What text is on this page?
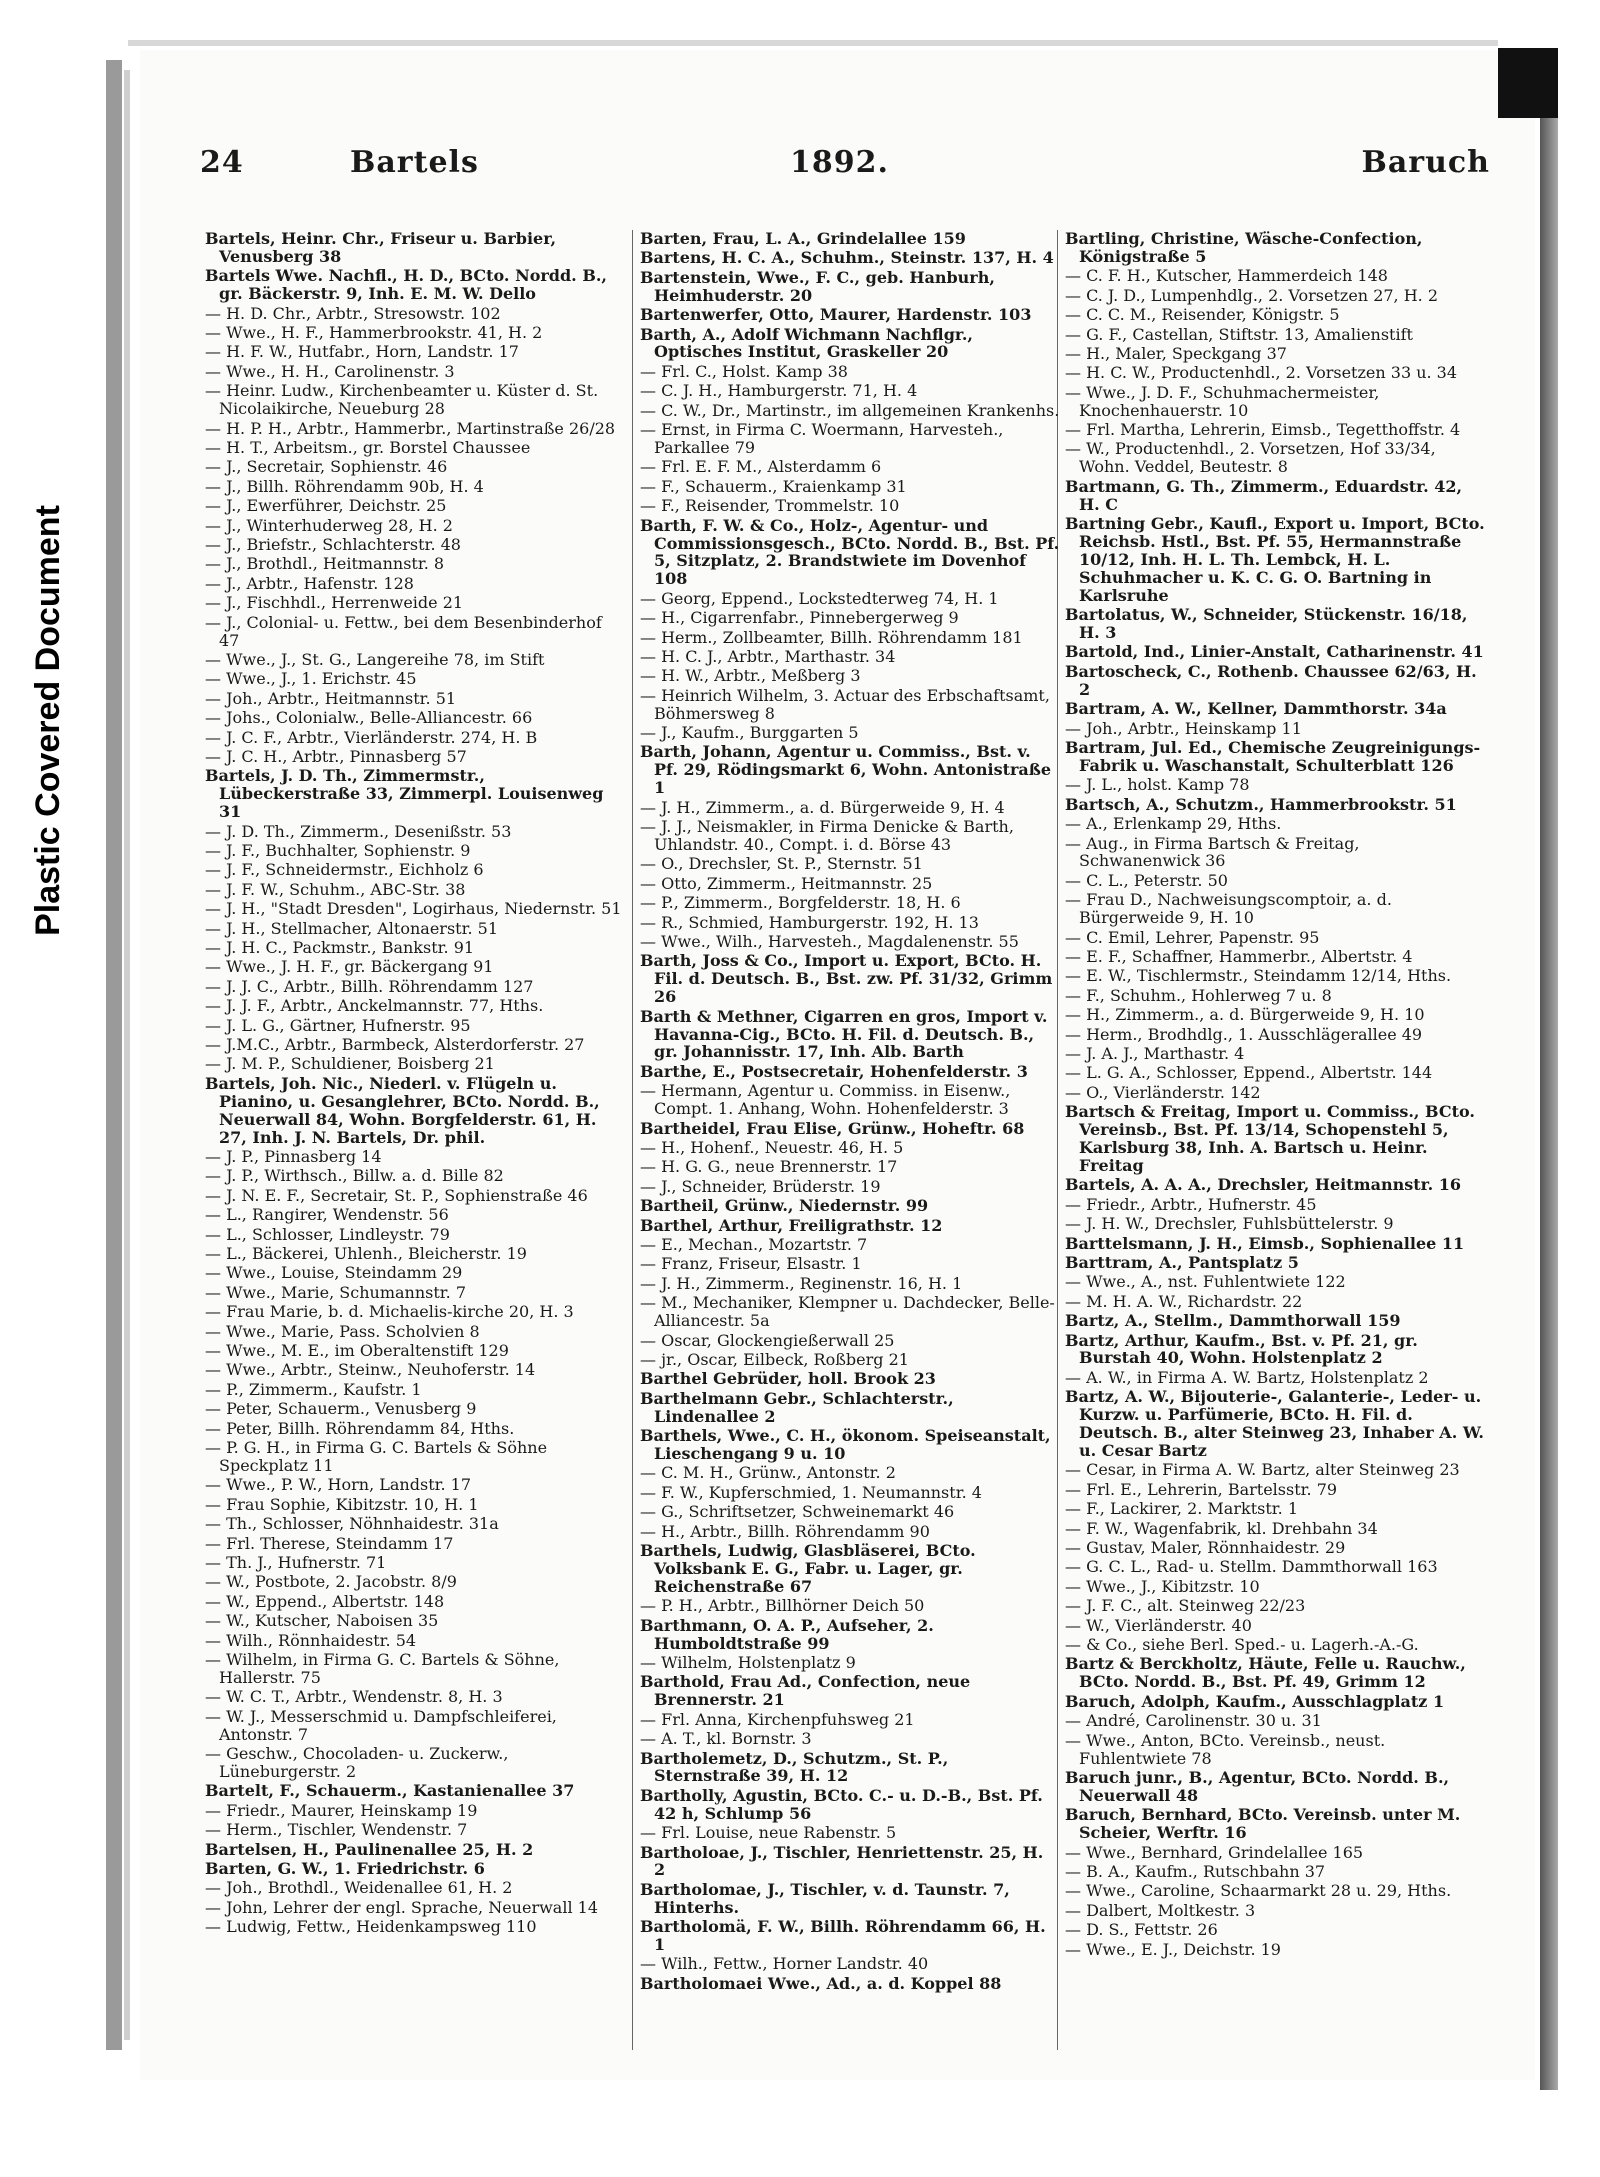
Plastic Covered Document
24	Bartels	1892.	Baruch
Bartels, Heinr. Chr., Friseur u. Barbier, Venusberg 38
Bartels Wwe. Nachfl., H. D., BCto. Nordd. B., gr. Bäckerstr. 9, Inh. E. M. W. Dello
— H. D. Chr., Arbtr., Stresowstr. 102
— Wwe., H. F., Hammerbrookstr. 41, H. 2
— H. F. W., Hutfabr., Horn, Landstr. 17
— Wwe., H. H., Carolinenstr. 3
— Heinr. Ludw., Kirchenbeamter u. Küster d. St. Nicolaikirche, Neueburg 28
— H. P. H., Arbtr., Hammerbr., Martinstraße 26/28
— H. T., Arbeitsm., gr. Borstel Chaussee
— J., Secretair, Sophienstr. 46
— J., Billh. Röhrendamm 90b, H. 4
— J., Ewerführer, Deichstr. 25
— J., Winterhuderweg 28, H. 2
— J., Briefstr., Schlachterstr. 48
— J., Brothdl., Heitmannstr. 8
— J., Arbtr., Hafenstr. 128
— J., Fischhdl., Herrenweide 21
— J., Colonial- u. Fettw., bei dem Besenbinderhof 47
— Wwe., J., St. G., Langereihe 78, im Stift
— Wwe., J., 1. Erichstr. 45
— Joh., Arbtr., Heitmannstr. 51
— Johs., Colonialw., Belle-Alliancestr. 66
— J. C. F., Arbtr., Vierländerstr. 274, H. B
— J. C. H., Arbtr., Pinnasberg 57
Bartels, J. D. Th., Zimmermstr., Lübeckerstraße 33, Zimmerpl. Louisenweg 31
— J. D. Th., Zimmerm., Desenißstr. 53
— J. F., Buchhalter, Sophienstr. 9
— J. F., Schneidermstr., Eichholz 6
— J. F. W., Schuhm., ABC-Str. 38
— J. H., "Stadt Dresden", Logirhaus, Niedernstr. 51
— J. H., Stellmacher, Altonaerstr. 51
— J. H. C., Packmstr., Bankstr. 91
— Wwe., J. H. F., gr. Bäckergang 91
— J. J. C., Arbtr., Billh. Röhrendamm 127
— J. J. F., Arbtr., Anckelmannstr. 77, Hths.
— J. L. G., Gärtner, Hufnerstr. 95
— J.M.C., Arbtr., Barmbeck, Alsterdorferstr. 27
— J. M. P., Schuldiener, Boisberg 21
Bartels, Joh. Nic., Niederl. v. Flügeln u. Pianino, u. Gesanglehrer, BCto. Nordd. B., Neuerwall 84, Wohn. Borgfelderstr. 61, H. 27, Inh. J. N. Bartels, Dr. phil.
— J. P., Pinnasberg 14
— J. P., Wirthsch., Billw. a. d. Bille 82
— J. N. E. F., Secretair, St. P., Sophienstraße 46
— L., Rangirer, Wendenstr. 56
— L., Schlosser, Lindleystr. 79
— L., Bäckerei, Uhlenh., Bleicherstr. 19
— Wwe., Louise, Steindamm 29
— Wwe., Marie, Schumannstr. 7
— Frau Marie, b. d. Michaelis-kirche 20, H. 3
— Wwe., Marie, Pass. Scholvien 8
— Wwe., M. E., im Oberaltenstift 129
— Wwe., Arbtr., Steinw., Neuhoferstr. 14
— P., Zimmerm., Kaufstr. 1
— Peter, Schauerm., Venusberg 9
— Peter, Billh. Röhrendamm 84, Hths.
— P. G. H., in Firma G. C. Bartels & Söhne Speckplatz 11
— Wwe., P. W., Horn, Landstr. 17
— Frau Sophie, Kibitzstr. 10, H. 1
— Th., Schlosser, Nöhnhaidestr. 31a
— Frl. Therese, Steindamm 17
— Th. J., Hufnerstr. 71
— W., Postbote, 2. Jacobstr. 8/9
— W., Eppend., Albertstr. 148
— W., Kutscher, Naboisen 35
— Wilh., Rönnhaidestr. 54
— Wilhelm, in Firma G. C. Bartels & Söhne, Hallerstr. 75
— W. C. T., Arbtr., Wendenstr. 8, H. 3
— W. J., Messerschmid u. Dampfschleiferei, Antonstr. 7
— Geschw., Chocoladen- u. Zuckerw., Lüneburgerstr. 2
Bartelt, F., Schauerm., Kastanienallee 37
— Friedr., Maurer, Heinskamp 19
— Herm., Tischler, Wendenstr. 7
Bartelsen, H., Paulinenallee 25, H. 2
Barten, G. W., 1. Friedrichstr. 6
— Joh., Brothdl., Weidenallee 61, H. 2
— John, Lehrer der engl. Sprache, Neuerwall 14
— Ludwig, Fettw., Heidenkampsweg 110
Barten, Frau, L. A., Grindelallee 159
Bartens, H. C. A., Schuhm., Steinstr. 137, H. 4
Bartenstein, Wwe., F. C., geb. Hanburh, Heimhuderstr. 20
Bartenwerfer, Otto, Maurer, Hardenstr. 103
Barth, A., Adolf Wichmann Nachflgr., Optisches Institut, Graskeller 20
— Frl. C., Holst. Kamp 38
— C. J. H., Hamburgerstr. 71, H. 4
— C. W., Dr., Martinstr., im allgemeinen Krankenhs.
— Ernst, in Firma C. Woermann, Harvesteh., Parkallee 79
— Frl. E. F. M., Alsterdamm 6
— F., Schauerm., Kraienkamp 31
— F., Reisender, Trommelstr. 10
Barth, F. W. & Co., Holz-, Agentur- und Commissionsgesch., BCto. Nordd. B., Bst. Pf. 5, Sitzplatz, 2. Brandstwiete im Dovenhof 108
— Georg, Eppend., Lockstedterweg 74, H. 1
— H., Cigarrenfabr., Pinnebergerweg 9
— Herm., Zollbeamter, Billh. Röhrendamm 181
— H. C. J., Arbtr., Marthastr. 34
— H. W., Arbtr., Meßberg 3
— Heinrich Wilhelm, 3. Actuar des Erbschaftsamt, Böhmersweg 8
— J., Kaufm., Burggarten 5
Barth, Johann, Agentur u. Commiss., Bst. v. Pf. 29, Rödingsmarkt 6, Wohn. Antonistraße 1
— J. H., Zimmerm., a. d. Bürgerweide 9, H. 4
— J. J., Neismakler, in Firma Denicke & Barth, Uhlandstr. 40., Compt. i. d. Börse 43
— O., Drechsler, St. P., Sternstr. 51
— Otto, Zimmerm., Heitmannstr. 25
— P., Zimmerm., Borgfelderstr. 18, H. 6
— R., Schmied, Hamburgerstr. 192, H. 13
— Wwe., Wilh., Harvesteh., Magdalenenstr. 55
Barth, Joss & Co., Import u. Export, BCto. H. Fil. d. Deutsch. B., Bst. zw. Pf. 31/32, Grimm 26
Barth & Methner, Cigarren en gros, Import v. Havanna-Cig., BCto. H. Fil. d. Deutsch. B., gr. Johannisstr. 17, Inh. Alb. Barth
Barthe, E., Postsecretair, Hohenfelderstr. 3
— Hermann, Agentur u. Commiss. in Eisenw., Compt. 1. Anhang, Wohn. Hohenfelderstr. 3
Bartheidel, Frau Elise, Grünw., Hoheftr. 68
— H., Hohenf., Neuestr. 46, H. 5
— H. G. G., neue Brennerstr. 17
— J., Schneider, Brüderstr. 19
Bartheil, Grünw., Niedernstr. 99
Barthel, Arthur, Freiligrathstr. 12
— E., Mechan., Mozartstr. 7
— Franz, Friseur, Elsastr. 1
— J. H., Zimmerm., Reginenstr. 16, H. 1
— M., Mechaniker, Klempner u. Dachdecker, Belle-Alliancestr. 5a
— Oscar, Glockengießerwall 25
— jr., Oscar, Eilbeck, Roßberg 21
Barthel Gebrüder, holl. Brook 23
Barthelmann Gebr., Schlachterstr., Lindenallee 2
Barthels, Wwe., C. H., ökonom. Speiseanstalt, Lieschengang 9 u. 10
— C. M. H., Grünw., Antonstr. 2
— F. W., Kupferschmied, 1. Neumannstr. 4
— G., Schriftsetzer, Schweinemarkt 46
— H., Arbtr., Billh. Röhrendamm 90
Barthels, Ludwig, Glasbläserei, BCto. Volksbank E. G., Fabr. u. Lager, gr. Reichenstraße 67
— P. H., Arbtr., Billhörner Deich 50
Barthmann, O. A. P., Aufseher, 2. Humboldtstraße 99
— Wilhelm, Holstenplatz 9
Barthold, Frau Ad., Confection, neue Brennerstr. 21
— Frl. Anna, Kirchenpfuhsweg 21
— A. T., kl. Bornstr. 3
Bartholemetz, D., Schutzm., St. P., Sternstraße 39, H. 12
Bartholly, Agustin, BCto. C.- u. D.-B., Bst. Pf. 42 h, Schlump 56
— Frl. Louise, neue Rabenstr. 5
Bartholoae, J., Tischler, Henriettenstr. 25, H. 2
Bartholomae, J., Tischler, v. d. Taunstr. 7, Hinterhs.
Bartholomä, F. W., Billh. Röhrendamm 66, H. 1
— Wilh., Fettw., Horner Landstr. 40
Bartholomaei Wwe., Ad., a. d. Koppel 88
Bartling, Christine, Wäsche-Confection, Königstraße 5
— C. F. H., Kutscher, Hammerdeich 148
— C. J. D., Lumpenhdlg., 2. Vorsetzen 27, H. 2
— C. C. M., Reisender, Königstr. 5
— G. F., Castellan, Stiftstr. 13, Amalienstift
— H., Maler, Speckgang 37
— H. C. W., Productenhdl., 2. Vorsetzen 33 u. 34
— Wwe., J. D. F., Schuhmachermeister, Knochenhauerstr. 10
— Frl. Martha, Lehrerin, Eimsb., Tegetthoffstr. 4
— W., Productenhdl., 2. Vorsetzen, Hof 33/34, Wohn. Veddel, Beutestr. 8
Bartmann, G. Th., Zimmerm., Eduardstr. 42, H. C
Bartning Gebr., Kaufl., Export u. Import, BCto. Reichsb. Hstl., Bst. Pf. 55, Hermannstraße 10/12, Inh. H. L. Th. Lembck, H. L. Schuhmacher u. K. C. G. O. Bartning in Karlsruhe
Bartolatus, W., Schneider, Stückenstr. 16/18, H. 3
Bartold, Ind., Linier-Anstalt, Catharinenstr. 41
Bartoscheck, C., Rothenb. Chaussee 62/63, H. 2
Bartram, A. W., Kellner, Dammthorstr. 34a
— Joh., Arbtr., Heinskamp 11
Bartram, Jul. Ed., Chemische Zeugreinigungs-Fabrik u. Waschanstalt, Schulterblatt 126
— J. L., holst. Kamp 78
Bartsch, A., Schutzm., Hammerbrookstr. 51
— A., Erlenkamp 29, Hths.
— Aug., in Firma Bartsch & Freitag, Schwanenwick 36
— C. L., Peterstr. 50
— Frau D., Nachweisungscomptoir, a. d. Bürgerweide 9, H. 10
— C. Emil, Lehrer, Papenstr. 95
— E. F., Schaffner, Hammerbr., Albertstr. 4
— E. W., Tischlermstr., Steindamm 12/14, Hths.
— F., Schuhm., Hohlerweg 7 u. 8
— H., Zimmerm., a. d. Bürgerweide 9, H. 10
— Herm., Brodhdlg., 1. Ausschlägerallee 49
— J. A. J., Marthastr. 4
— L. G. A., Schlosser, Eppend., Albertstr. 144
— O., Vierländerstr. 142
Bartsch & Freitag, Import u. Commiss., BCto. Vereinsb., Bst. Pf. 13/14, Schopenstehl 5, Karlsburg 38, Inh. A. Bartsch u. Heinr. Freitag
Bartels, A. A. A., Drechsler, Heitmannstr. 16
— Friedr., Arbtr., Hufnerstr. 45
— J. H. W., Drechsler, Fuhlsbüttelerstr. 9
Barttelsmann, J. H., Eimsb., Sophienallee 11
Barttram, A., Pantsplatz 5
— Wwe., A., nst. Fuhlentwiete 122
— M. H. A. W., Richardstr. 22
Bartz, A., Stellm., Dammthorwall 159
Bartz, Arthur, Kaufm., Bst. v. Pf. 21, gr. Burstah 40, Wohn. Holstenplatz 2
— A. W., in Firma A. W. Bartz, Holstenplatz 2
Bartz, A. W., Bijouterie-, Galanterie-, Leder- u. Kurzw. u. Parfümerie, BCto. H. Fil. d. Deutsch. B., alter Steinweg 23, Inhaber A. W. u. Cesar Bartz
— Cesar, in Firma A. W. Bartz, alter Steinweg 23
— Frl. E., Lehrerin, Bartelsstr. 79
— F., Lackirer, 2. Marktstr. 1
— F. W., Wagenfabrik, kl. Drehbahn 34
— Gustav, Maler, Rönnhaidestr. 29
— G. C. L., Rad- u. Stellm. Dammthorwall 163
— Wwe., J., Kibitzstr. 10
— J. F. C., alt. Steinweg 22/23
— W., Vierländerstr. 40
— & Co., siehe Berl. Sped.- u. Lagerh.-A.-G.
Bartz & Berckholtz, Häute, Felle u. Rauchw., BCto. Nordd. B., Bst. Pf. 49, Grimm 12
Baruch, Adolph, Kaufm., Ausschlagplatz 1
— André, Carolinenstr. 30 u. 31
— Wwe., Anton, BCto. Vereinsb., neust. Fuhlentwiete 78
Baruch junr., B., Agentur, BCto. Nordd. B., Neuerwall 48
Baruch, Bernhard, BCto. Vereinsb. unter M. Scheier, Werftr. 16
— Wwe., Bernhard, Grindelallee 165
— B. A., Kaufm., Rutschbahn 37
— Wwe., Caroline, Schaarmarkt 28 u. 29, Hths.
— Dalbert, Moltkestr. 3
— D. S., Fettstr. 26
— Wwe., E. J., Deichstr. 19
